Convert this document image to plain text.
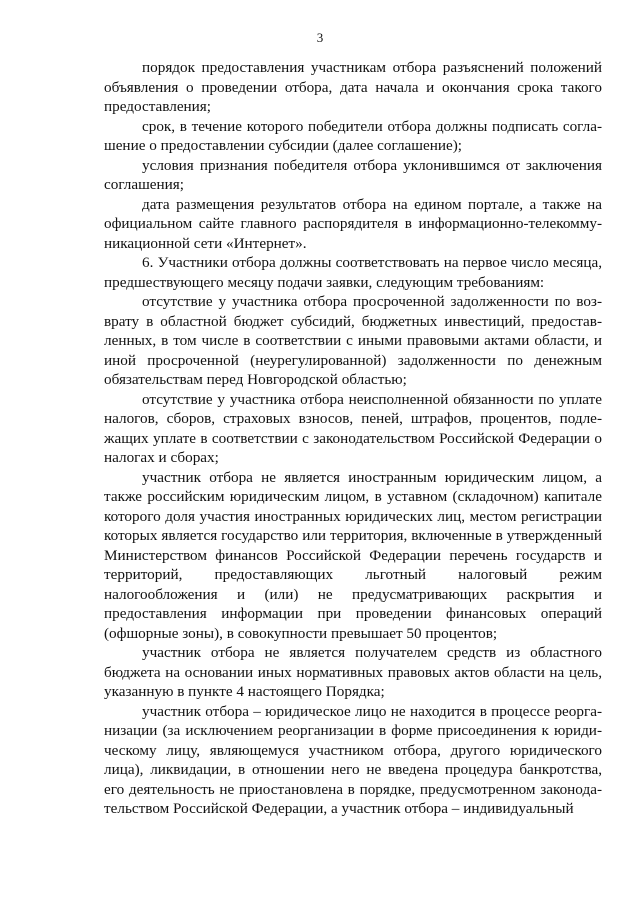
3

порядок предоставления участникам отбора разъяснений положений объявления о проведении отбора, дата начала и окончания срока такого предоставления;

срок, в течение которого победители отбора должны подписать соглашение о предоставлении субсидии (далее соглашение);

условия признания победителя отбора уклонившимся от заключения соглашения;

дата размещения результатов отбора на едином портале, а также на официальном сайте главного распорядителя в информационно-телекоммуникационной сети «Интернет».

6. Участники отбора должны соответствовать на первое число месяца, предшествующего месяцу подачи заявки, следующим требованиям:

отсутствие у участника отбора просроченной задолженности по возврату в областной бюджет субсидий, бюджетных инвестиций, предоставленных, в том числе в соответствии с иными правовыми актами области, и иной просроченной (неурегулированной) задолженности по денежным обязательствам перед Новгородской областью;

отсутствие у участника отбора неисполненной обязанности по уплате налогов, сборов, страховых взносов, пеней, штрафов, процентов, подлежащих уплате в соответствии с законодательством Российской Федерации о налогах и сборах;

участник отбора не является иностранным юридическим лицом, а также российским юридическим лицом, в уставном (складочном) капитале которого доля участия иностранных юридических лиц, местом регистрации которых является государство или территория, включенные в утвержденный Министерством финансов Российской Федерации перечень государств и территорий, предоставляющих льготный налоговый режим налогообложения и (или) не предусматривающих раскрытия и предоставления информации при проведении финансовых операций (офшорные зоны), в совокупности превышает 50 процентов;

участник отбора не является получателем средств из областного бюджета на основании иных нормативных правовых актов области на цель, указанную в пункте 4 настоящего Порядка;

участник отбора – юридическое лицо не находится в процессе реорганизации (за исключением реорганизации в форме присоединения к юридическому лицу, являющемуся участником отбора, другого юридического лица), ликвидации, в отношении него не введена процедура банкротства, его деятельность не приостановлена в порядке, предусмотренном законодательством Российской Федерации, а участник отбора – индивидуальный
